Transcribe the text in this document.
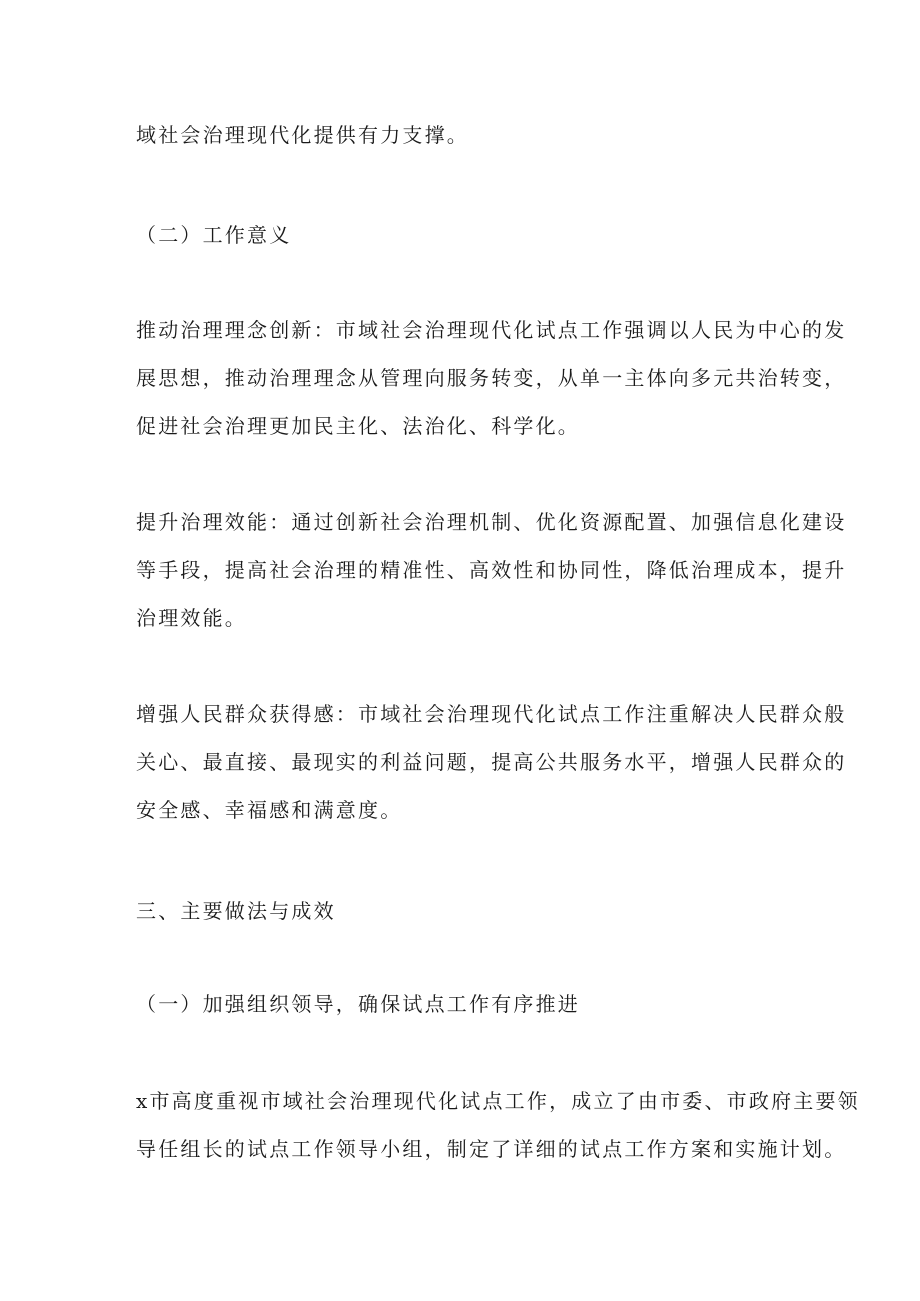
域社会治理现代化提供有力支撑。
（二）工作意义
推动治理理念创新：市域社会治理现代化试点工作强调以人民为中心的发
展思想，推动治理理念从管理向服务转变，从单一主体向多元共治转变，
促进社会治理更加民主化、法治化、科学化。
提升治理效能：通过创新社会治理机制、优化资源配置、加强信息化建设
等手段，提高社会治理的精准性、高效性和协同性，降低治理成本，提升
治理效能。
增强人民群众获得感：市域社会治理现代化试点工作注重解决人民群众般
关心、最直接、最现实的利益问题，提高公共服务水平，增强人民群众的
安全感、幸福感和满意度。
三、主要做法与成效
（一）加强组织领导，确保试点工作有序推进
x市高度重视市域社会治理现代化试点工作，成立了由市委、市政府主要领
导任组长的试点工作领导小组，制定了详细的试点工作方案和实施计划。
